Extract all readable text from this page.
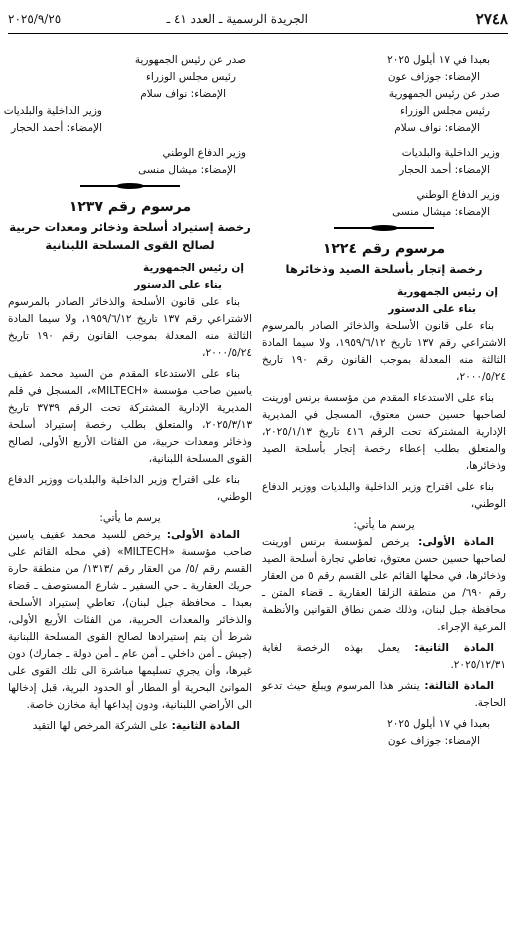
٢٧٤٨
الجريدة الرسمية ـ العدد ٤١ ـ
٢٠٢٥/٩/٢٥
بعبدا في ١٧ أيلول ٢٠٢٥
الإمضاء: جوزاف عون
صدر عن رئيس الجمهورية
رئيس مجلس الوزراء
الإمضاء: نواف سلام
وزير الداخلية والبلديات
الإمضاء: أحمد الحجار
وزير الدفاع الوطني
الإمضاء: ميشال منسى
مرسوم رقم ١٢٢٤
رخصة إتجار بأسلحة الصيد وذخائرها
إن رئيس الجمهورية
بناء على الدستور

بناء على قانون الأسلحة والذخائر الصادر بالمرسوم الاشتراعي رقم ١٣٧ تاريخ ١٩٥٩/٦/١٢، ولا سيما المادة الثالثة منه المعدلة بموجب القانون رقم ١٩٠ تاريخ ٢٠٠٠/٥/٢٤،

بناء على الاستدعاء المقدم من مؤسسة برنس اورينت لصاحبها حسين حسن معتوق، المسجل في المديرية الإدارية المشتركة تحت الرقم ٤١٦ تاريخ ٢٠٢٥/١/١٣، والمتعلق بطلب إعطاء رخصة إتجار بأسلحة الصيد وذخائرها،

بناء على اقتراح وزير الداخلية والبلديات ووزير الدفاع الوطني،

يرسم ما يأتي:

المادة الأولى: يرخص لمؤسسة برنس اورينت لصاحبها حسين حسن معتوق، تعاطي تجارة أسلحة الصيد وذخائرها، في محلها القائم على القسم رقم ٥ من العقار رقم ٦٩٠/ من منطقة الزلقا العقارية ـ قضاء المتن ـ محافظة جبل لبنان، وذلك ضمن نطاق القوانين والأنظمة المرعية الإجراء.

المادة الثانية: يعمل بهذه الرخصة لغاية ٢٠٢٥/١٢/٣١.

المادة الثالثة: ينشر هذا المرسوم ويبلغ حيث تدعو الحاجة.

بعبدا في ١٧ أيلول ٢٠٢٥
الإمضاء: جوزاف عون
صدر عن رئيس الجمهورية
رئيس مجلس الوزراء
الإمضاء: نواف سلام
وزير الداخلية والبلديات
الإمضاء: أحمد الحجار
وزير الدفاع الوطني
الإمضاء: ميشال منسى
مرسوم رقم ١٢٣٧
رخصة إستيراد أسلحة وذخائر ومعدات حربية لصالح القوى المسلحة اللبنانية
إن رئيس الجمهورية
بناء على الدستور

بناء على قانون الأسلحة والذخائر الصادر بالمرسوم الاشتراعي رقم ١٣٧ تاريخ ١٩٥٩/٦/١٢، ولا سيما المادة الثالثة منه المعدلة بموجب القانون رقم ١٩٠ تاريخ ٢٠٠٠/٥/٢٤،

بناء على الاستدعاء المقدم من السيد محمد عفيف ياسين صاحب مؤسسة «MILTECH»، المسجل في قلم المديرية الإدارية المشتركة تحت الرقم ٣٧٣٩ تاريخ ٢٠٢٥/٣/١٣، والمتعلق بطلب رخصة إستيراد أسلحة وذخائر ومعدات حربية، من الفئات الأربع الأولى، لصالح القوى المسلحة اللبنانية،

بناء على اقتراح وزير الداخلية والبلديات ووزير الدفاع الوطني،

يرسم ما يأتي:

المادة الأولى: يرخص للسيد محمد عفيف ياسين صاحب مؤسسة «MILTECH» (في محله القائم على القسم رقم /٥/ من العقار رقم /١٣١٣/ من منطقة حارة حريك العقارية ـ حي السفير ـ شارع المستوصف ـ قضاء بعبدا ـ محافظة جبل لبنان)، تعاطي إستيراد الأسلحة والذخائر والمعدات الحربية، من الفئات الأربع الأولى، شرط أن يتم إستيرادها لصالح القوى المسلحة اللبنانية (جيش ـ أمن داخلي ـ أمن عام ـ أمن دولة ـ جمارك) دون غيرها، وأن يجري تسليمها مباشرة الى تلك القوى على الموانئ البحرية أو المطار أو الحدود البرية، قبل إدخالها الى الأراضي اللبنانية، ودون إيداعها أية مخازن خاصة.

المادة الثانية: على الشركة المرخص لها التقيد
